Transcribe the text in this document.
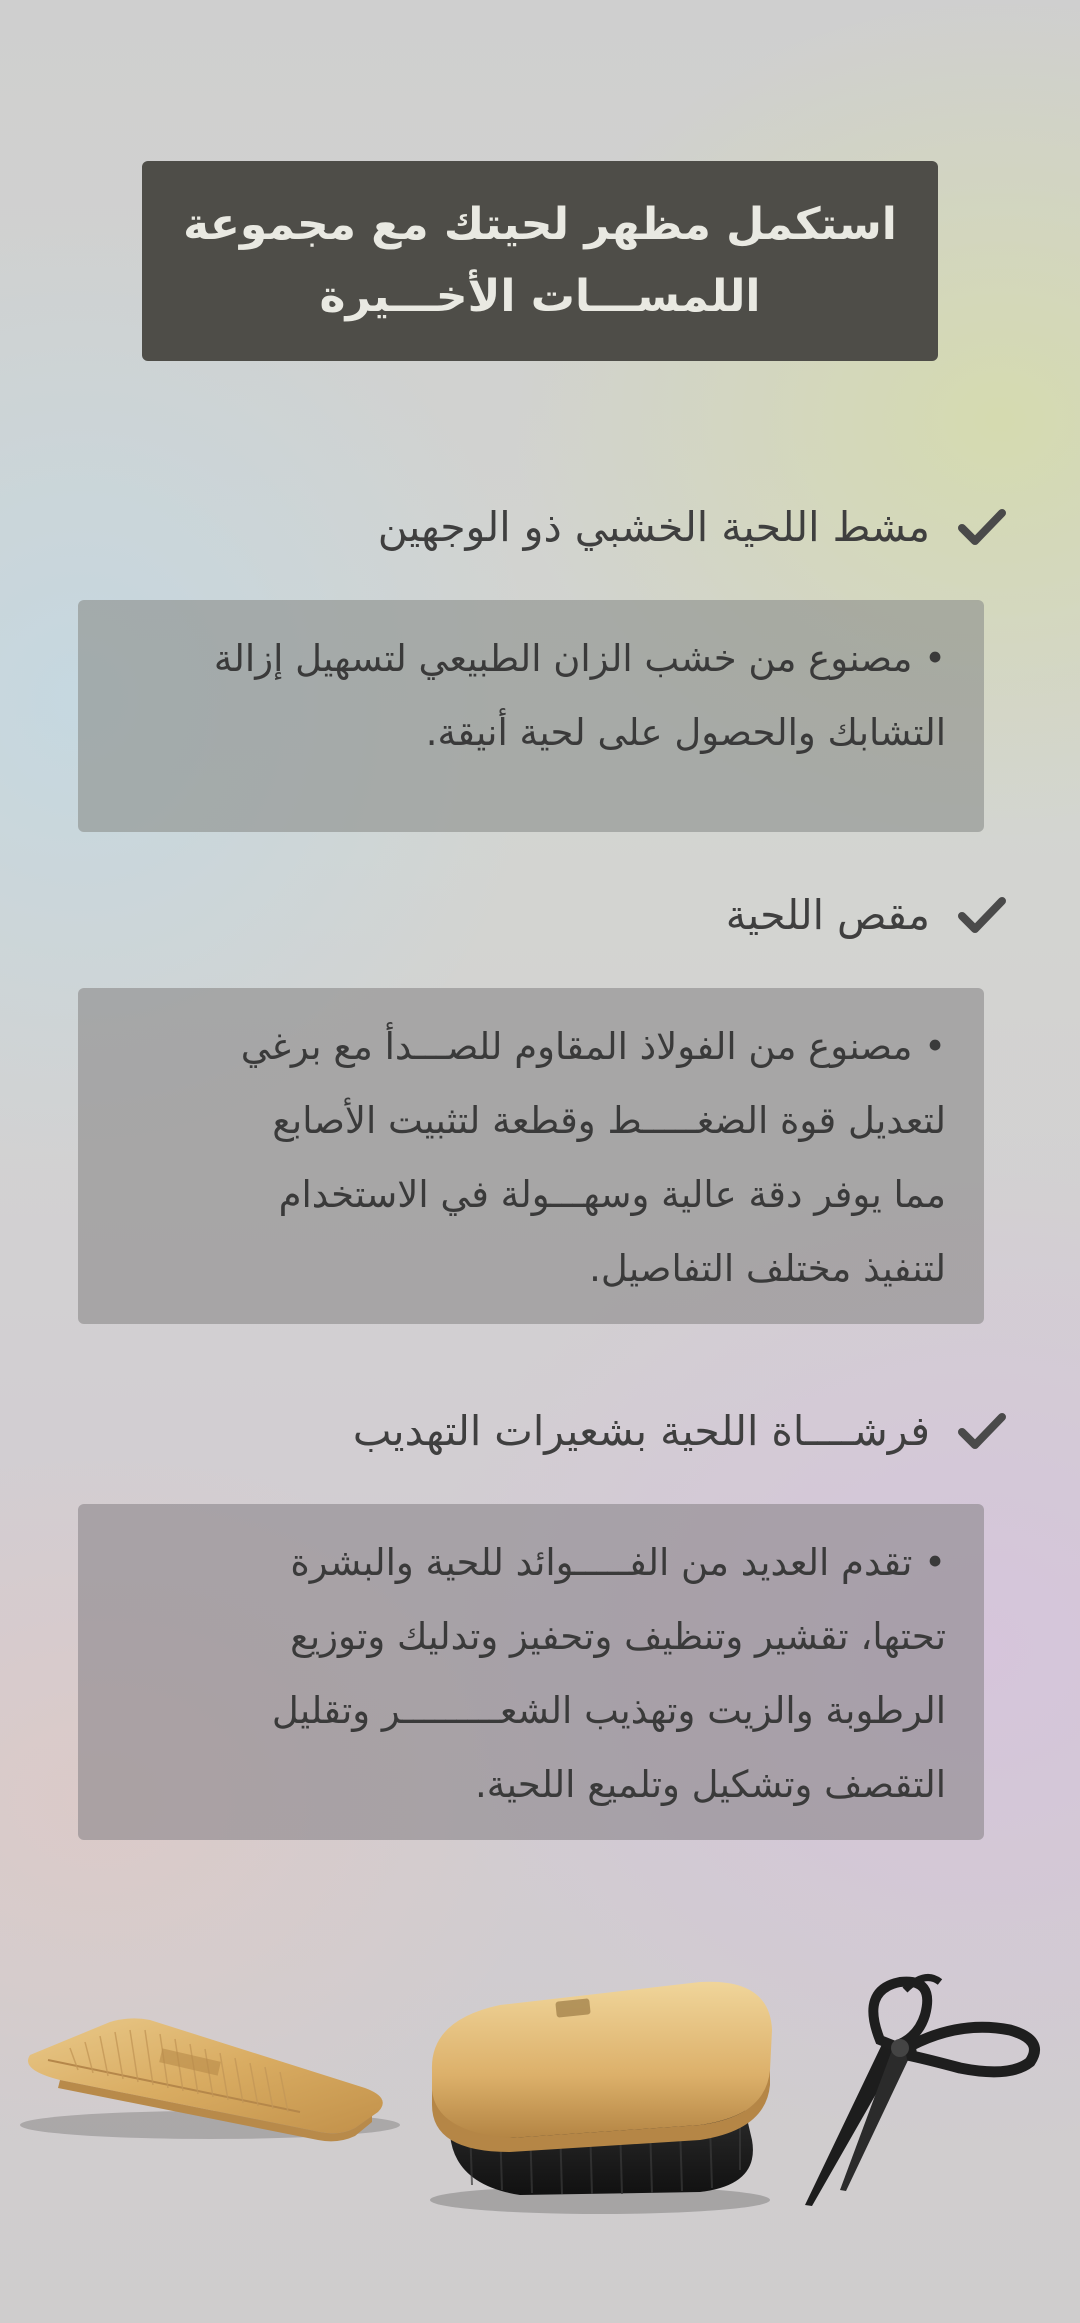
استكمل مظهر لحيتك مع مجموعة
اللمســـات الأخـــيرة
مشط اللحية الخشبي ذو الوجهين
• مصنوع من خشب الزان الطبيعي لتسهيل إزالة
التشابك والحصول على لحية أنيقة.
مقص اللحية
• مصنوع من الفولاذ المقاوم للصـــدأ مع برغي
لتعديل قوة الضغـــــط وقطعة لتثبيت الأصابع
مما يوفر دقة عالية وسهـــولة في الاستخدام
لتنفيذ مختلف التفاصيل.
فرشــــاة اللحية بشعيرات التهديب
• تقدم العديد من الفـــــوائد للحية والبشرة
تحتها، تقشير وتنظيف وتحفيز وتدليك وتوزيع
الرطوبة والزيت وتهذيب الشعـــــــــر وتقليل
التقصف وتشكيل وتلميع اللحية.
